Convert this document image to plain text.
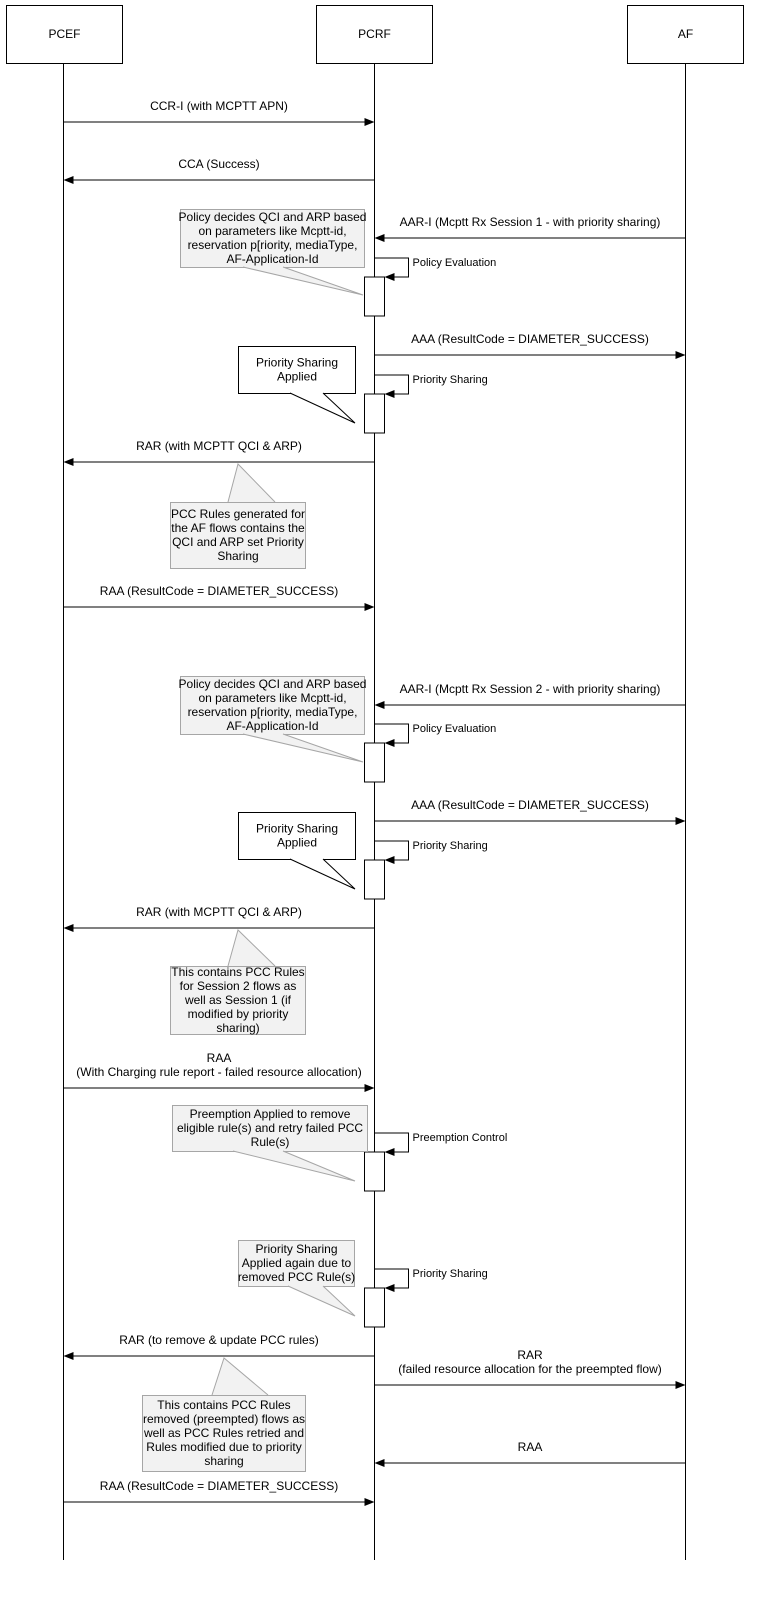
PCEF	PCRF	AF
CCR-I (with MCPTT APN)
CCA (Success)
AAR-I (Mcptt Rx Session 1 - with priority sharing)
AAA (ResultCode = DIAMETER_SUCCESS)
RAR (with MCPTT QCI & ARP)
RAA (ResultCode = DIAMETER_SUCCESS)
AAR-I (Mcptt Rx Session 2 - with priority sharing)
AAA (ResultCode = DIAMETER_SUCCESS)
RAR (with MCPTT QCI & ARP)
RAA
(With Charging rule report - failed resource allocation)
RAR (to remove & update PCC rules)
RAR
(failed resource allocation for the preempted flow)
RAA
RAA (ResultCode = DIAMETER_SUCCESS)
Policy Evaluation
Priority Sharing
Policy Evaluation
Priority Sharing
Preemption Control
Priority Sharing
Policy decides QCI and ARP based
on parameters like Mcptt-id,
reservation p[riority, mediaType,
AF-Application-Id
Priority Sharing
Applied
PCC Rules generated for
the AF flows contains the
QCI and ARP set Priority
Sharing
Policy decides QCI and ARP based
on parameters like Mcptt-id,
reservation p[riority, mediaType,
AF-Application-Id
Priority Sharing
Applied
This contains PCC Rules
for Session 2 flows as
well as Session 1 (if
modified by priority
sharing)
Preemption Applied to remove
eligible rule(s) and retry failed PCC
Rule(s)
Priority Sharing
Applied again due to
removed PCC Rule(s)
This contains PCC Rules
removed (preempted) flows as
well as PCC Rules retried and
Rules modified due to priority
sharing
